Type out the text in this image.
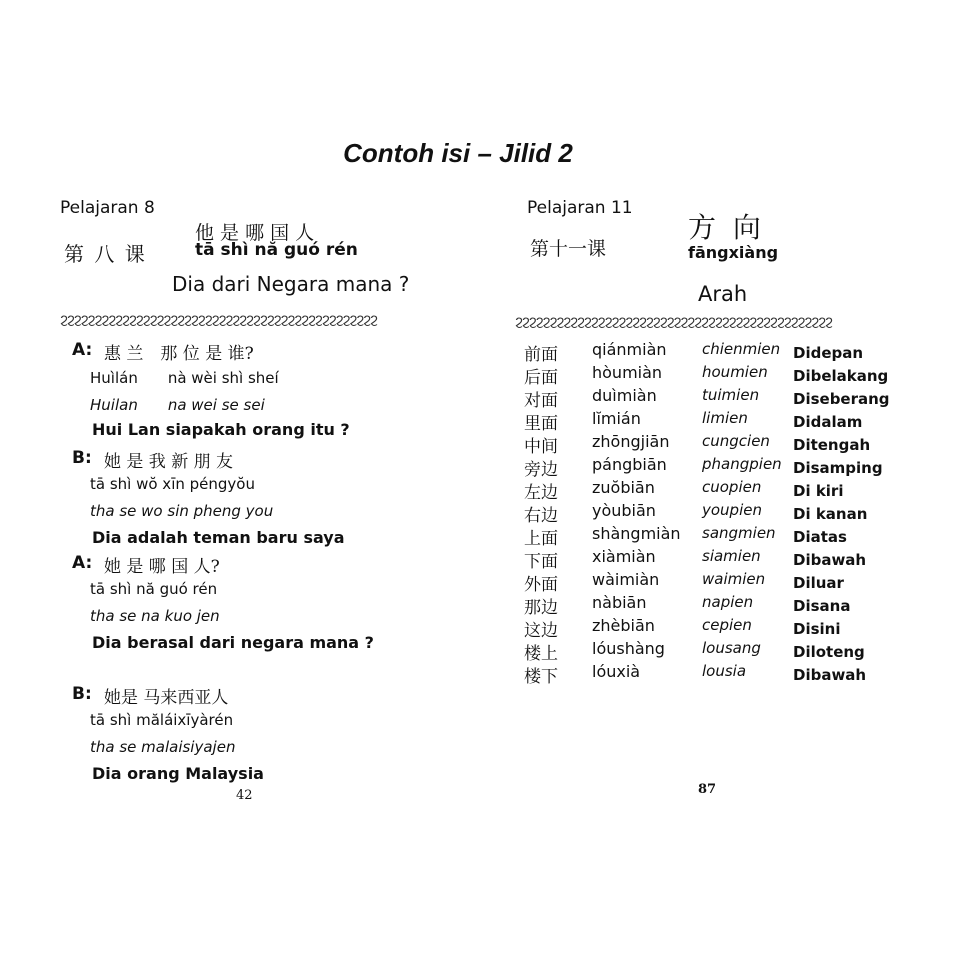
Contoh isi – Jilid 2
Pelajaran 8
他 是 哪 国 人
第 八 课	tā shì nă guó rén
Dia dari Negara mana ?
ϩϩϩϩϩϩϩϩϩϩϩϩϩϩϩϩϩϩϩϩϩϩϩϩϩϩϩϩϩϩϩϩϩϩϩϩϩϩϩϩϩϩϩϩϩϩ
A: 惠 兰　那 位 是 谁?
Huìlán　　nà wèi shì sheí
Huilan　　na wei se sei
Hui Lan siapakah orang itu ?
B: 她 是 我 新 朋 友
tā shì wŏ xīn péngyŏu
tha se wo sin pheng you
Dia adalah teman baru saya
A: 她 是 哪 国 人?
tā shì nă guó rén
tha se na kuo jen
Dia berasal dari negara mana ?
B: 她是 马来西亚人
tā shì măláixīyàrén
tha se malaisiyajen
Dia orang Malaysia
42
Pelajaran 11
方 向
第十一课	fāngxiàng
Arah
ϩϩϩϩϩϩϩϩϩϩϩϩϩϩϩϩϩϩϩϩϩϩϩϩϩϩϩϩϩϩϩϩϩϩϩϩϩϩϩϩϩϩϩϩϩϩ
前面 qiánmiàn chienmien Didepan
后面 hòumiàn	houmien Dibelakang
对面 duìmiàn	tuimien Diseberang
里面 lĭmián	limien	Didalam
中间 zhōngjiān cungcien Ditengah
旁边 pángbiān phangpien Disamping
左边 zuŏbiān	cuopien Di kiri
右边 yòubiān	youpien Di kanan
上面 shàngmiàn sangmien Diatas
下面 xiàmiàn	siamien Dibawah
外面 wàimiàn	waimien Diluar
那边 nàbiān	napien	Disana
这边 zhèbiān	cepien	Disini
楼上 lóushàng lousang Diloteng
楼下 lóuxià	lousia	Dibawah
87
